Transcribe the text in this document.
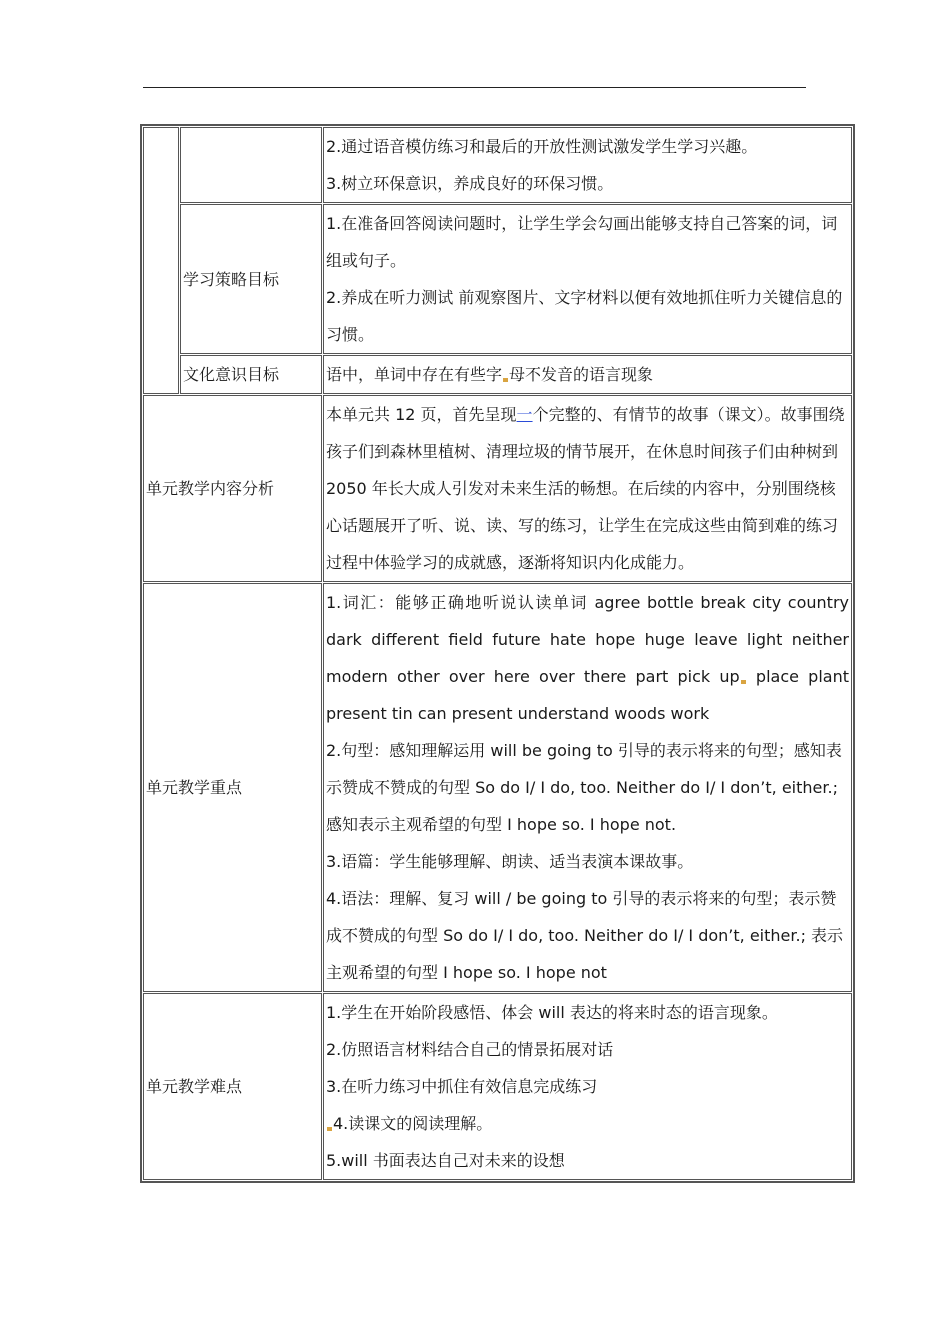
		2.通过语音模仿练习和最后的开放性测试激发学生学习兴趣。

3.树立环保意识，养成良好的环保习惯。

	学习策略目标	1.在准备回答阅读问题时，让学生学会勾画出能够支持自己答案的词，词组或句子。

2.养成在听力测试 前观察图片、文字材料以便有效地抓住听力关键信息的习惯。

	文化意识目标	语中，单词中存在有些字 母不发音的语言现象
单元教学内容分析		本单元共 12 页，首先呈现一个完整的、有情节的故事（课文）。故事围绕孩子们到森林里植树、清理垃圾的情节展开，在休息时间孩子们由种树到 2050 年长大成人引发对未来生活的畅想。在后续的内容中，分别围绕核心话题展开了听、说、读、写的练习，让学生在完成这些由简到难的练习过程中体验学习的成就感，逐渐将知识内化成能力。
单元教学重点		1.词汇：能够正确地听说认读单词 agree bottle break city country dark different field future hate hope huge leave light neither modern other over here over there part pick up place plant present tin can present understand woods work

2.句型：感知理解运用 will be going to 引导的表示将来的句型；感知表示赞成不赞成的句型 So do I/ I do, too. Neither do I/ I don’t, either.; 感知表示主观希望的句型 I hope so. I hope not.

3.语篇：学生能够理解、朗读、适当表演本课故事。

4.语法：理解、复习 will / be going to 引导的表示将来的句型；表示赞成不赞成的句型 So do I/ I do, too. Neither do I/ I don’t, either.; 表示主观希望的句型 I hope so. I hope not

单元教学难点		1.学生在开始阶段感悟、体会 will 表达的将来时态的语言现象。

2.仿照语言材料结合自己的情景拓展对话

3.在听力练习中抓住有效信息完成练习

4.读课文的阅读理解。

5.will 书面表达自己对未来的设想
